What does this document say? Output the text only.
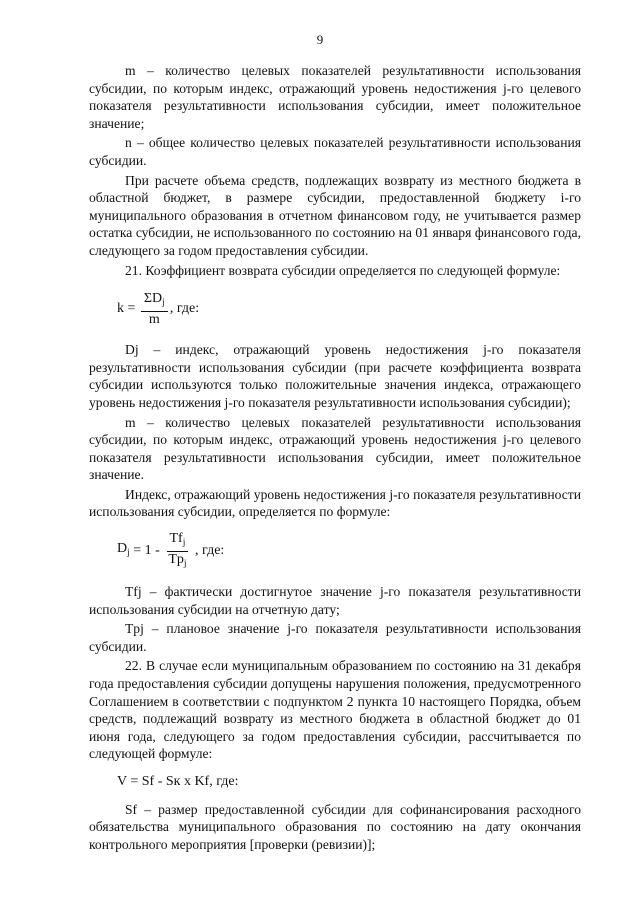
9

m – количество целевых показателей результативности использования субсидии, по которым индекс, отражающий уровень недостижения j-го целевого показателя результативности использования субсидии, имеет положительное значение;

n – общее количество целевых показателей результативности использования субсидии.

При расчете объема средств, подлежащих возврату из местного бюджета в областной бюджет, в размере субсидии, предоставленной бюджету i-го муниципального образования в отчетном финансовом году, не учитывается размер остатка субсидии, не использованного по состоянию на 01 января финансового года, следующего за годом предоставления субсидии.

21. Коэффициент возврата субсидии определяется по следующей формуле:

$k = \frac{\Sigma D_j}{m}$ , где:

Dj – индекс, отражающий уровень недостижения j-го показателя результативности использования субсидии (при расчете коэффициента возврата субсидии используются только положительные значения индекса, отражающего уровень недостижения j-го показателя результативности использования субсидии);

m – количество целевых показателей результативности использования субсидии, по которым индекс, отражающий уровень недостижения j-го целевого показателя результативности использования субсидии, имеет положительное значение.

Индекс, отражающий уровень недостижения j-го показателя результативности использования субсидии, определяется по формуле:

$D_j = 1 - \frac{Tf_j}{Tp_j}$ , где:

Tfj – фактически достигнутое значение j-го показателя результативности использования субсидии на отчетную дату;

Tpj – плановое значение j-го показателя результативности использования субсидии.

22. В случае если муниципальным образованием по состоянию на 31 декабря года предоставления субсидии допущены нарушения положения, предусмотренного Соглашением в соответствии с подпунктом 2 пункта 10 настоящего Порядка, объем средств, подлежащий возврату из местного бюджета в областной бюджет до 01 июня года, следующего за годом предоставления субсидии, рассчитывается по следующей формуле:

V = Sf - Sк x Kf, где:

Sf – размер предоставленной субсидии для софинансирования расходного обязательства муниципального образования по состоянию на дату окончания контрольного мероприятия [проверки (ревизии)];
